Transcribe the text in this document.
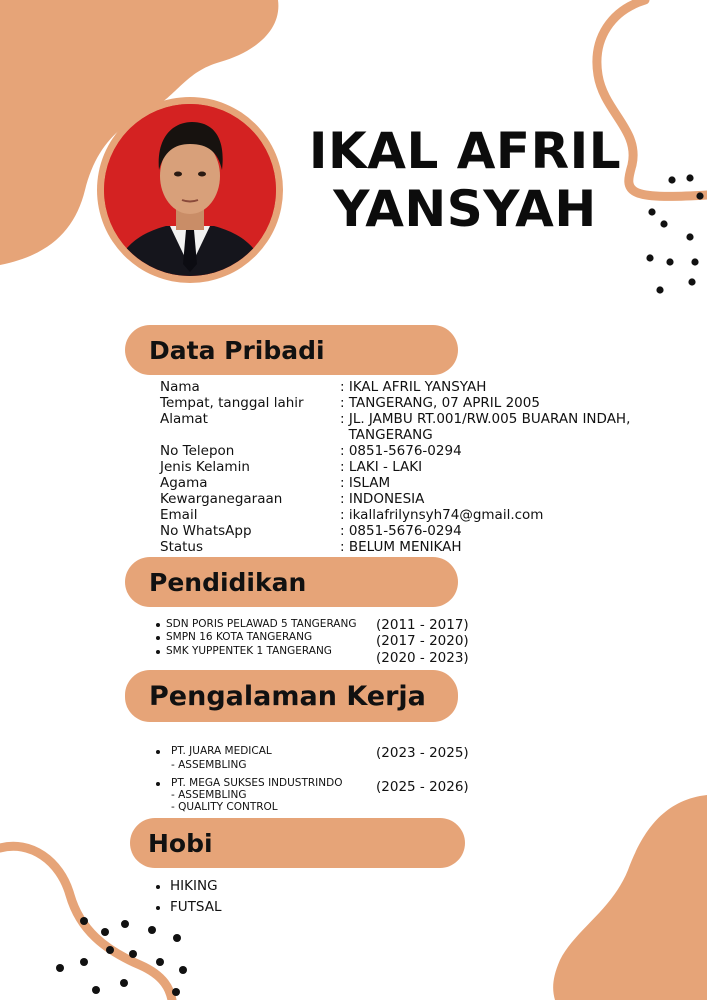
IKAL AFRIL
YANSYAH
Data Pribadi
Nama	: IKAL AFRIL YANSYAH
Tempat, tanggal lahir	: TANGERANG, 07 APRIL 2005
Alamat	: JL. JAMBU RT.001/RW.005 BUARAN INDAH,
TANGERANG
No Telepon	: 0851-5676-0294
Jenis Kelamin	: LAKI - LAKI
Agama	: ISLAM
Kewarganegaraan	: INDONESIA
Email	: ikallafrilynsyh74@gmail.com
No WhatsApp	: 0851-5676-0294
Status	: BELUM MENIKAH
Pendidikan
SDN PORIS PELAWAD 5 TANGERANG (2011 - 2017)
SMPN 16 KOTA TANGERANG	(2017 - 2020)
SMK YUPPENTEK 1 TANGERANG	(2020 - 2023)
Pengalaman Kerja
PT. JUARA MEDICAL
- ASSEMBLING
(2023 - 2025)
PT. MEGA SUKSES INDUSTRINDO
- ASSEMBLING
- QUALITY CONTROL
(2025 - 2026)
Hobi
HIKING
FUTSAL
